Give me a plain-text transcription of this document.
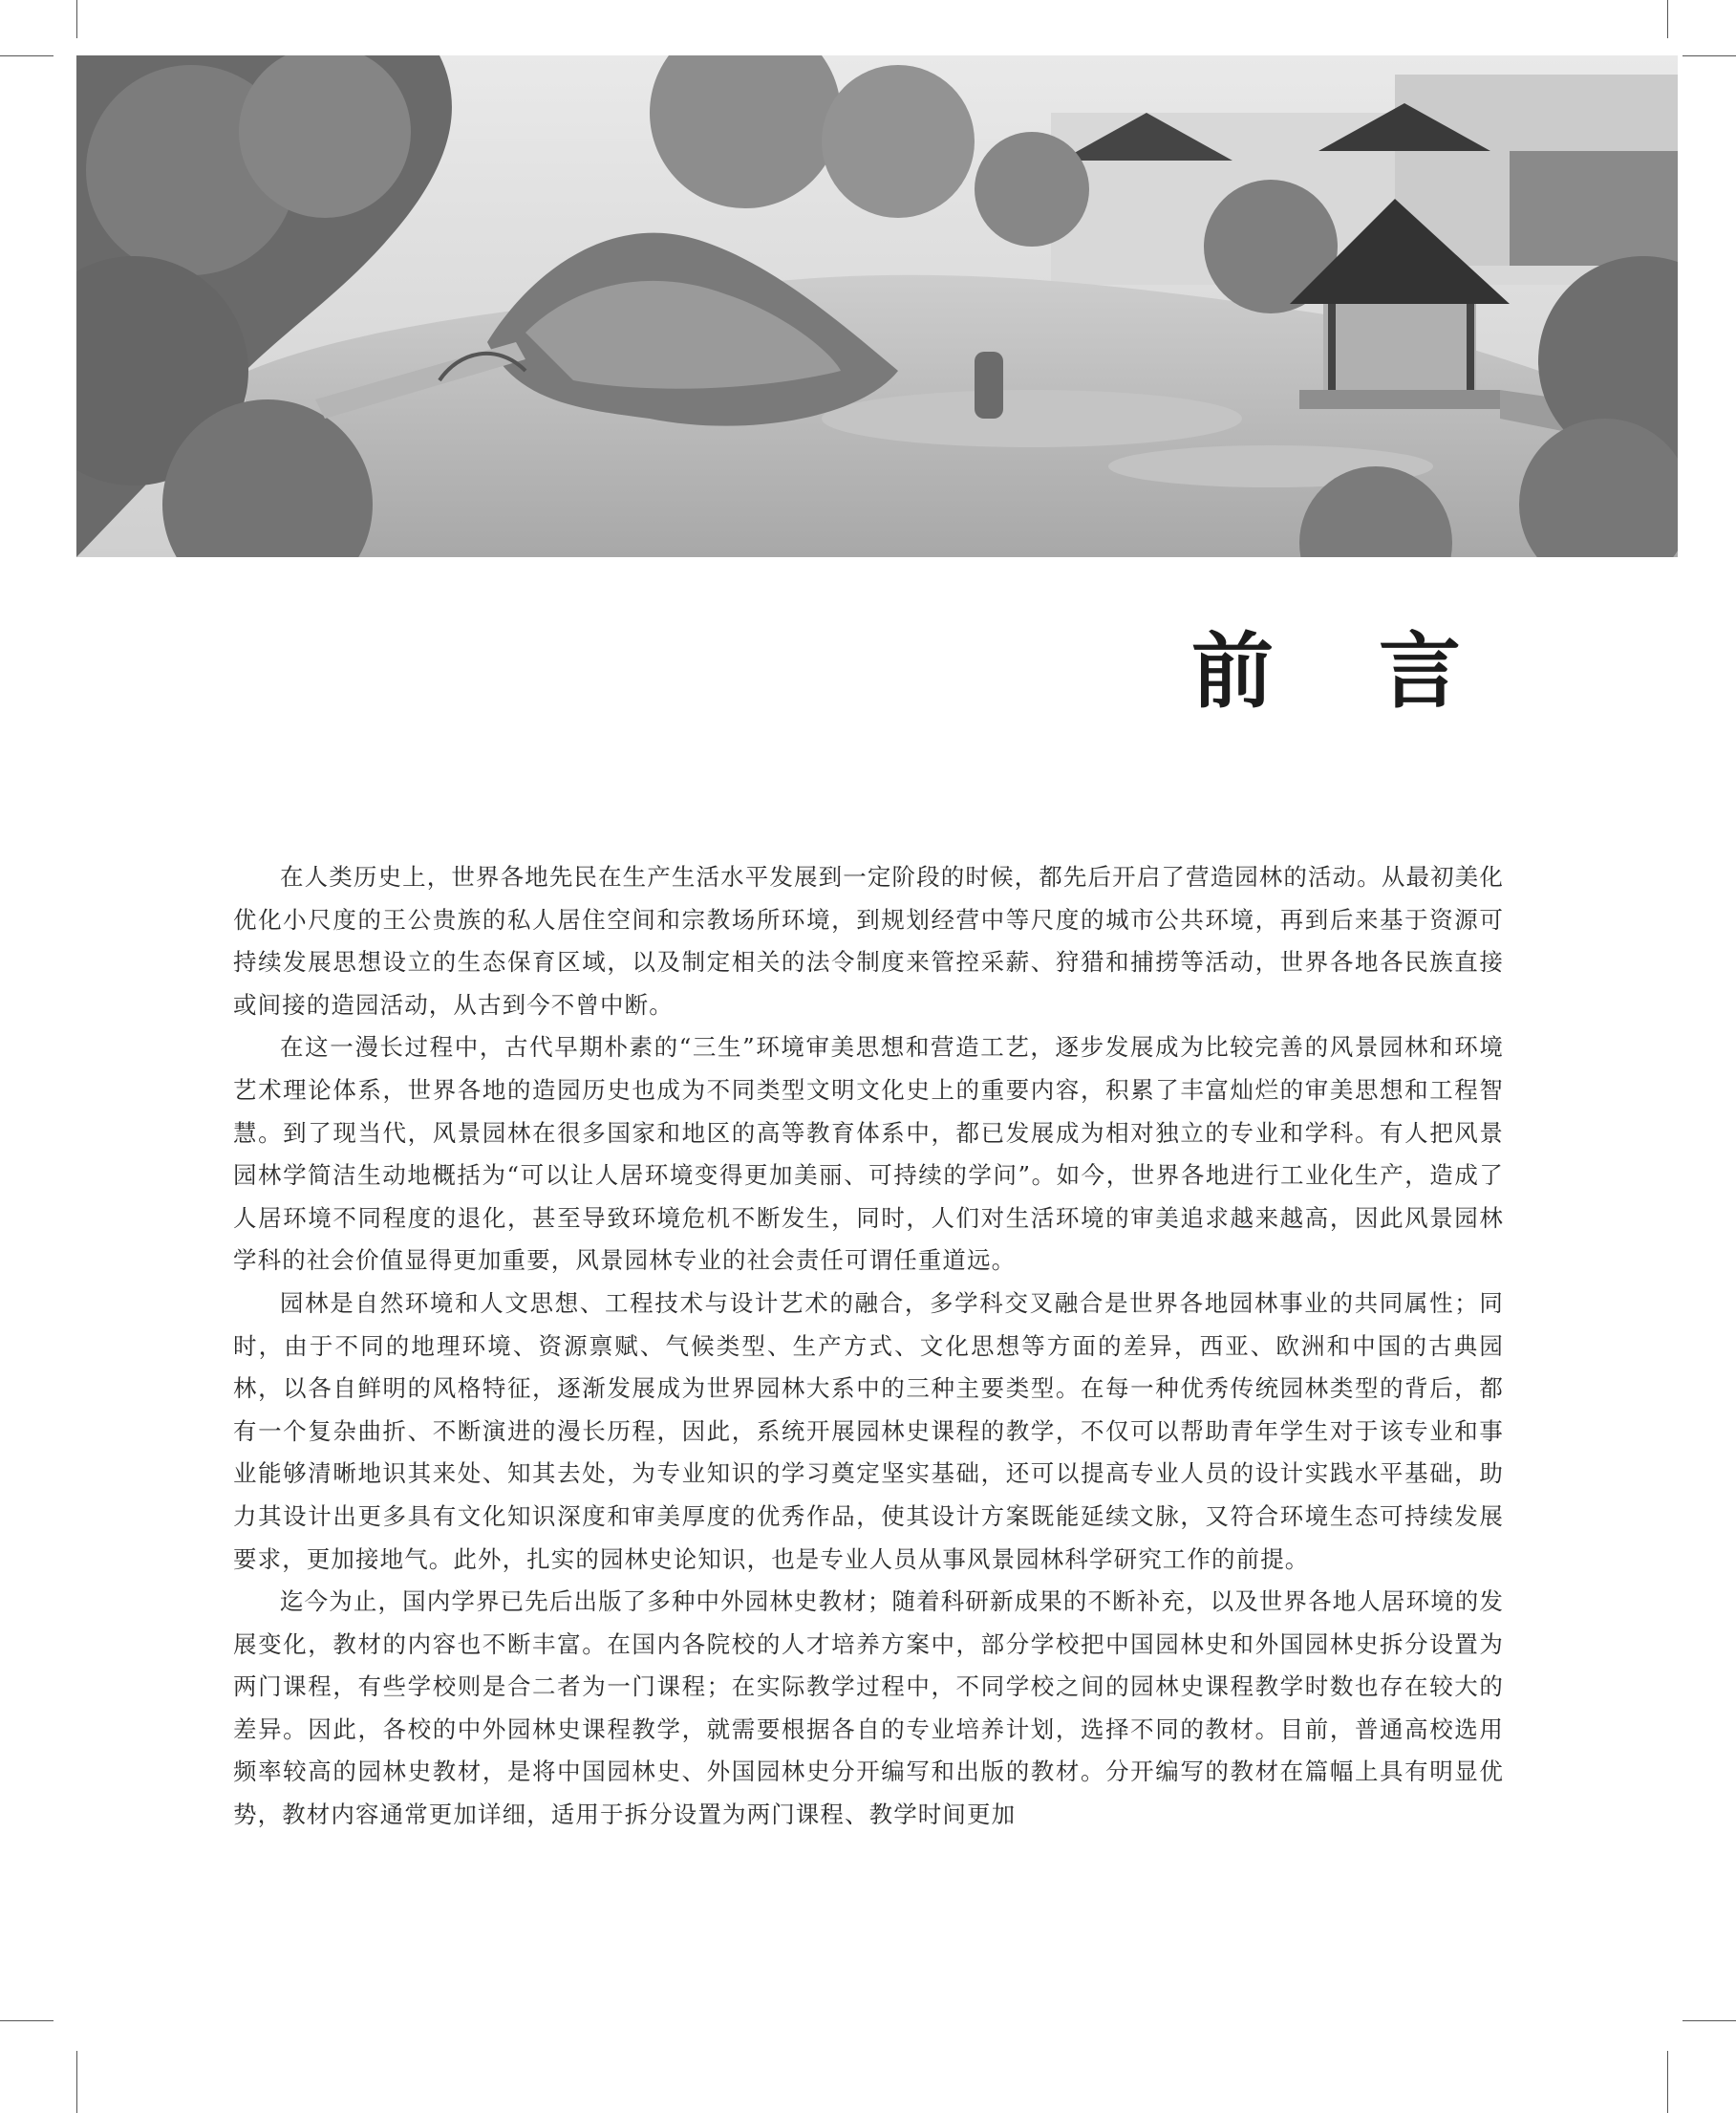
前 言

在人类历史上，世界各地先民在生产生活水平发展到一定阶段的时候，都先后开启了营造园林的活动。从最初美化优化小尺度的王公贵族的私人居住空间和宗教场所环境，到规划经营中等尺度的城市公共环境，再到后来基于资源可持续发展思想设立的生态保育区域，以及制定相关的法令制度来管控采薪、狩猎和捕捞等活动，世界各地各民族直接或间接的造园活动，从古到今不曾中断。

在这一漫长过程中，古代早期朴素的“三生”环境审美思想和营造工艺，逐步发展成为比较完善的风景园林和环境艺术理论体系，世界各地的造园历史也成为不同类型文明文化史上的重要内容，积累了丰富灿烂的审美思想和工程智慧。到了现当代，风景园林在很多国家和地区的高等教育体系中，都已发展成为相对独立的专业和学科。有人把风景园林学简洁生动地概括为“可以让人居环境变得更加美丽、可持续的学问”。如今，世界各地进行工业化生产，造成了人居环境不同程度的退化，甚至导致环境危机不断发生，同时，人们对生活环境的审美追求越来越高，因此风景园林学科的社会价值显得更加重要，风景园林专业的社会责任可谓任重道远。

园林是自然环境和人文思想、工程技术与设计艺术的融合，多学科交叉融合是世界各地园林事业的共同属性；同时，由于不同的地理环境、资源禀赋、气候类型、生产方式、文化思想等方面的差异，西亚、欧洲和中国的古典园林，以各自鲜明的风格特征，逐渐发展成为世界园林大系中的三种主要类型。在每一种优秀传统园林类型的背后，都有一个复杂曲折、不断演进的漫长历程，因此，系统开展园林史课程的教学，不仅可以帮助青年学生对于该专业和事业能够清晰地识其来处、知其去处，为专业知识的学习奠定坚实基础，还可以提高专业人员的设计实践水平基础，助力其设计出更多具有文化知识深度和审美厚度的优秀作品，使其设计方案既能延续文脉，又符合环境生态可持续发展要求，更加接地气。此外，扎实的园林史论知识，也是专业人员从事风景园林科学研究工作的前提。

迄今为止，国内学界已先后出版了多种中外园林史教材；随着科研新成果的不断补充，以及世界各地人居环境的发展变化，教材的内容也不断丰富。在国内各院校的人才培养方案中，部分学校把中国园林史和外国园林史拆分设置为两门课程，有些学校则是合二者为一门课程；在实际教学过程中，不同学校之间的园林史课程教学时数也存在较大的差异。因此，各校的中外园林史课程教学，就需要根据各自的专业培养计划，选择不同的教材。目前，普通高校选用频率较高的园林史教材，是将中国园林史、外国园林史分开编写和出版的教材。分开编写的教材在篇幅上具有明显优势，教材内容通常更加详细，适用于拆分设置为两门课程、教学时间更加
